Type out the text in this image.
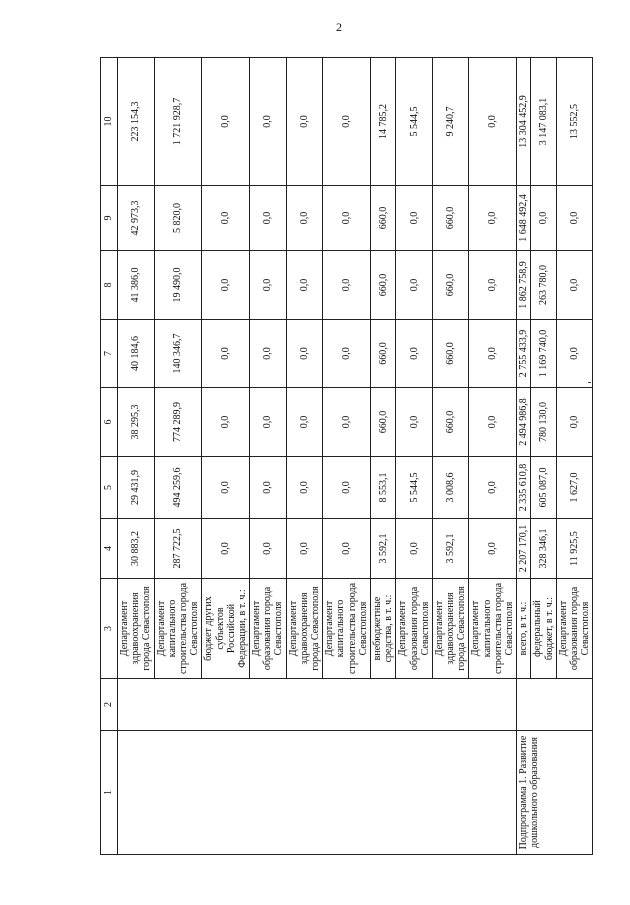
2
1	2	3	4	5	6	7	8	9	10
		Департамент здравоохранения города Севастополя	30 883,2	29 431,9	38 295,3	40 184,6	41 386,0	42 973,3	223 154,3
		Департамент капитального строительства города Севастополя	287 722,5	494 259,6	774 289,9	140 346,7	19 490,0	5 820,0	1 721 928,7
		бюджет других субъектов Российской Федерации, в т. ч.:	0,0	0,0	0,0	0,0	0,0	0,0	0,0
		Департамент образования города Севастополя	0,0	0,0	0,0	0,0	0,0	0,0	0,0
		Департамент здравоохранения города Севастополя	0,0	0,0	0,0	0,0	0,0	0,0	0,0
		Департамент капитального строительства города Севастополя	0,0	0,0	0,0	0,0	0,0	0,0	0,0
		внебюджетные средства, в т. ч.:	3 592,1	8 553,1	660,0	660,0	660,0	660,0	14 785,2
		Департамент образования города Севастополя	0,0	5 544,5	0,0	0,0	0,0	0,0	5 544,5
		Департамент здравоохранения города Севастополя	3 592,1	3 008,6	660,0	660,0	660,0	660,0	9 240,7
		Департамент капитального строительства города Севастополя	0,0	0,0	0,0	0,0	0,0	0,0	0,0
Подпрограмма 1. Развитие дошкольного образования		всего, в т. ч.:	2 207 170,1	2 335 610,8	2 494 986,8	2 755 433,9	1 862 758,9	1 648 492,4	13 304 452,9
		федеральный бюджет, в т. ч.:	328 346,1	605 087,0	780 130,0	1 169 740,0	263 780,0	0,0	3 147 083,1
		Департамент образования города Севастополя	11 925,5	1 627,0	0,0	0,0	0,0	0,0	13 552,5
